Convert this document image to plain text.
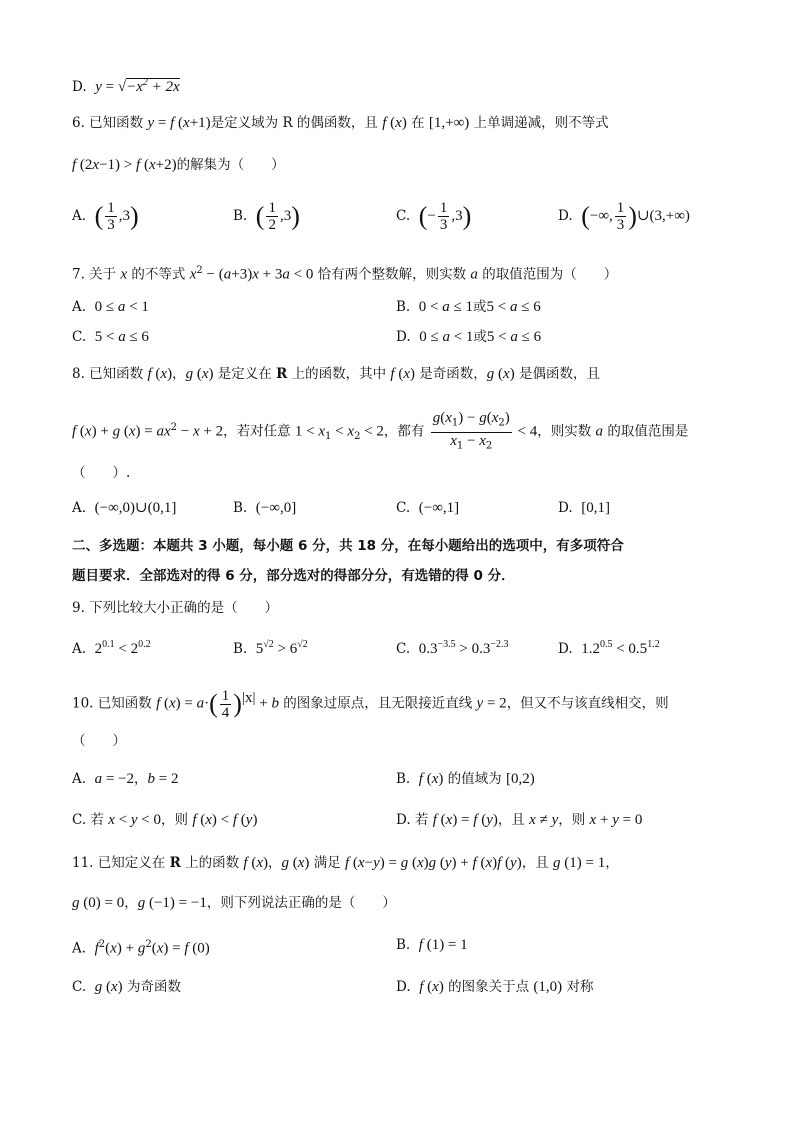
D.  $y = √-x^2 + 2x$
6. 已知函数 y = f (x+1)是定义域为 R 的偶函数，且 f (x) 在 [1,+∞) 上单调递减，则不等式
f (2x−1) > f (x+2)的解集为（　　）
A.  ( $\frac{1}{3} ,3$)	B.  ( $\frac{1}{2} ,3$)	C.  (− $\frac{1}{3} ,3$)	D.  (−∞, $\frac{1}{3}$ )∪(3,+∞)
7. 关于 x 的不等式 $x^2 - (a+3)x + 3a < 0$ 恰有两个整数解，则实数 a 的取值范围为（　　）
A.  0 ≤ a < 1	B.  0 < a ≤ 1或5 < a ≤ 6
C.  5 < a ≤ 6	D.  0 ≤ a < 1或5 < a ≤ 6
8. 已知函数 f (x)，g (x) 是定义在 R 上的函数，其中 f (x) 是奇函数，g (x) 是偶函数，且
f (x) + g $(x) = ax^2 - x + 2$，若对任意 $1 < x_1 < x_2 < 2$，都有 $\frac{g(x_1) - g(x_2)}{x_1 - x_2} < 4$，则实数 a 的取值范围是
（　　）.
A.  (−∞,0)∪(0,1]	B.  (−∞,0]	C.  (−∞,1]	D.  [0,1]
二、多选题：本题共 3 小题，每小题 6 分，共 18 分，在每小题给出的选项中，有多项符合
题目要求．全部选对的得 6 分，部分选对的得部分分，有选错的得 0 分．
9. 下列比较大小正确的是（　　）
A.  $2^{0.1} < 2^{0.2}$	B.  $5^{√2} > 6^{√2}$	C.  $0.3^{-3.5} > 0.3^{-2.3}$	D.  $1.2^{0.5} < 0.5^{1.2}$
10. 已知函数 f $(x) = a\cdot( \frac{1}{4} )^{|x|} + b$ 的图象过原点，且无限接近直线 y = 2，但又不与该直线相交，则
（　　）
A.  a = −2，b = 2	B.  f (x) 的值域为 [0,2)
C. 若 x < y < 0，则 f (x) < f (y)	D. 若 f (x) = f (y)，且 x ≠ y，则 x + y = 0
11. 已知定义在 R 上的函数 f (x)，g (x) 满足 f (x−y) = g (x)g (y) + f (x)f (y)，且 g (1) = 1，
g (0) = 0，g (−1) = −1，则下列说法正确的是（　　）
A.  $f^2(x) + g^2(x) = f$ (0)	B.  f (1) = 1
C.  g (x) 为奇函数	D.  f (x) 的图象关于点 (1,0) 对称
